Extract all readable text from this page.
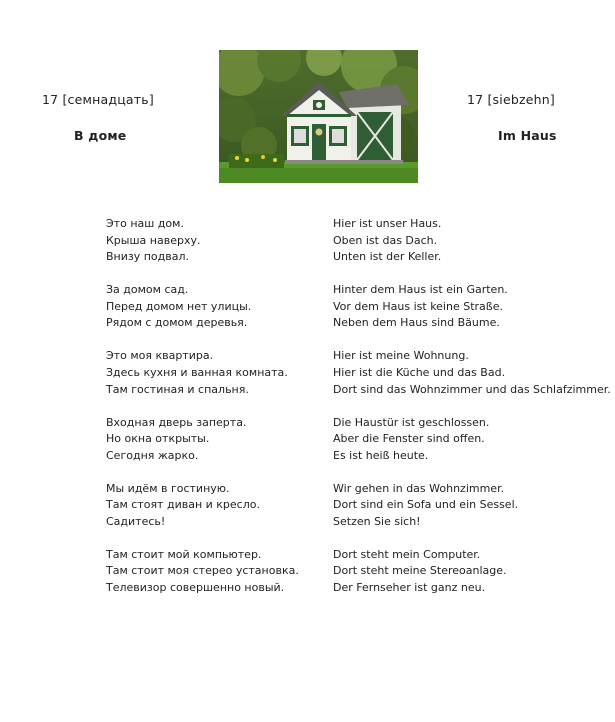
17 [семнадцать]
В доме
17 [siebzehn]
Im Haus
Это наш дом.
Крыша наверху.
Внизу подвал.
За домом сад.
Перед домом нет улицы.
Рядом с домом деревья.
Это моя квартира.
Здесь кухня и ванная комната.
Там гостиная и спальня.
Входная дверь заперта.
Но окна открыты.
Сегодня жарко.
Мы идём в гостиную.
Там стоят диван и кресло.
Садитесь!
Там стоит мой компьютер.
Там стоит моя стерео установка.
Телевизор совершенно новый.
Hier ist unser Haus.
Oben ist das Dach.
Unten ist der Keller.
Hinter dem Haus ist ein Garten.
Vor dem Haus ist keine Straße.
Neben dem Haus sind Bäume.
Hier ist meine Wohnung.
Hier ist die Küche und das Bad.
Dort sind das Wohnzimmer und das Schlafzimmer.
Die Haustür ist geschlossen.
Aber die Fenster sind offen.
Es ist heiß heute.
Wir gehen in das Wohnzimmer.
Dort sind ein Sofa und ein Sessel.
Setzen Sie sich!
Dort steht mein Computer.
Dort steht meine Stereoanlage.
Der Fernseher ist ganz neu.
